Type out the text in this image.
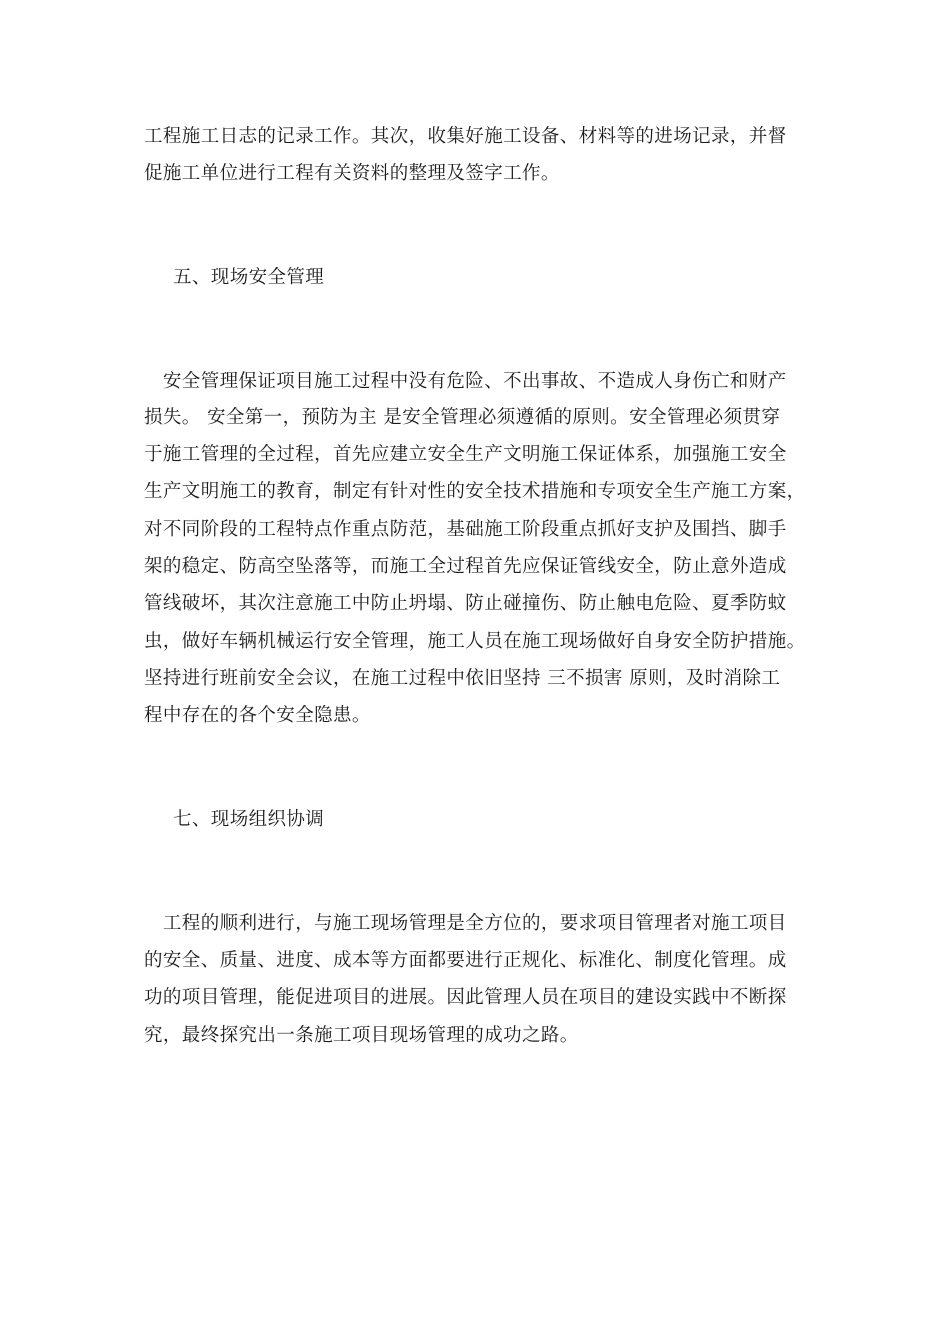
工程施工日志的记录工作。其次，收集好施工设备、材料等的进场记录，并督
促施工单位进行工程有关资料的整理及签字工作。
五、现场安全管理
　安全管理保证项目施工过程中没有危险、不出事故、不造成人身伤亡和财产
损失。 安全第一，预防为主 是安全管理必须遵循的原则。安全管理必须贯穿
于施工管理的全过程，首先应建立安全生产文明施工保证体系，加强施工安全
生产文明施工的教育，制定有针对性的安全技术措施和专项安全生产施工方案，
对不同阶段的工程特点作重点防范，基础施工阶段重点抓好支护及围挡、脚手
架的稳定、防高空坠落等，而施工全过程首先应保证管线安全，防止意外造成
管线破坏，其次注意施工中防止坍塌、防止碰撞伤、防止触电危险、夏季防蚊
虫，做好车辆机械运行安全管理，施工人员在施工现场做好自身安全防护措施。
坚持进行班前安全会议，在施工过程中依旧坚持 三不损害 原则，及时消除工
程中存在的各个安全隐患。
七、现场组织协调
　工程的顺利进行，与施工现场管理是全方位的，要求项目管理者对施工项目
的安全、质量、进度、成本等方面都要进行正规化、标准化、制度化管理。成
功的项目管理，能促进项目的进展。因此管理人员在项目的建设实践中不断探
究，最终探究出一条施工项目现场管理的成功之路。
